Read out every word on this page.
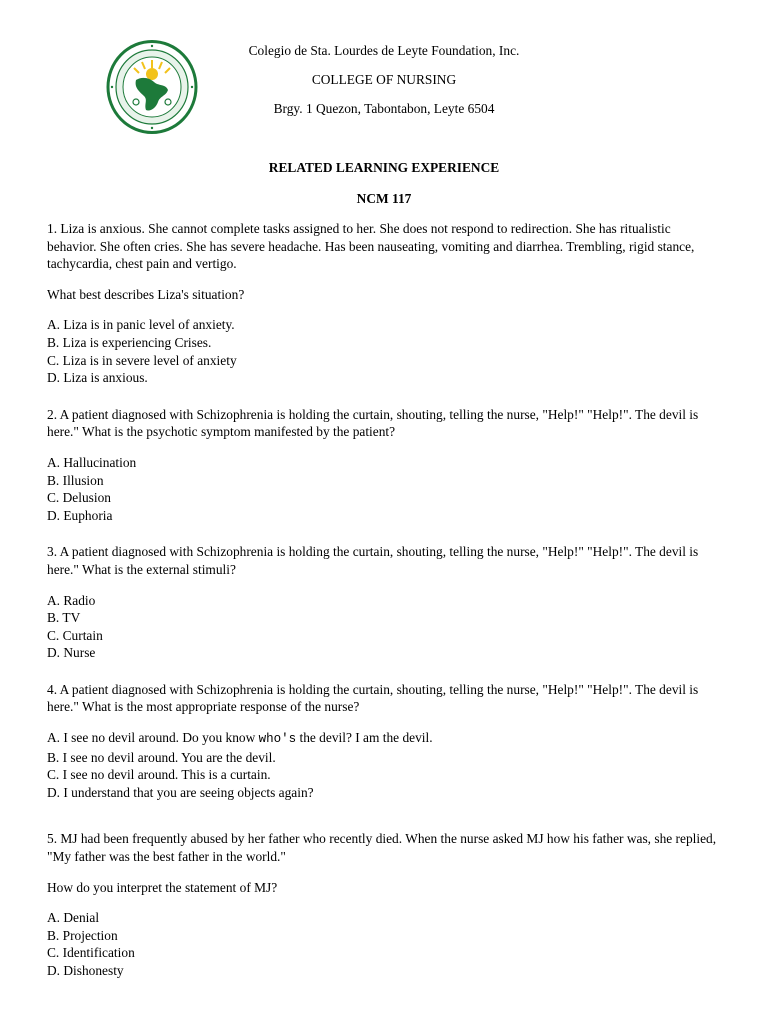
Colegio de Sta. Lourdes de Leyte Foundation, Inc.
COLLEGE OF NURSING
Brgy. 1 Quezon, Tabontabon, Leyte 6504
RELATED LEARNING EXPERIENCE
NCM 117

1. Liza is anxious. She cannot complete tasks assigned to her. She does not respond to redirection. She has ritualistic behavior. She often cries. She has severe headache. Has been nauseating, vomiting and diarrhea. Trembling, rigid stance, tachycardia, chest pain and vertigo.

What best describes Liza's situation?

A. Liza is in panic level of anxiety.
B. Liza is experiencing Crises.
C. Liza is in severe level of anxiety
D. Liza is anxious.

2. A patient diagnosed with Schizophrenia is holding the curtain, shouting, telling the nurse, "Help!" "Help!". The devil is here." What is the psychotic symptom manifested by the patient?

A. Hallucination
B. Illusion
C. Delusion
D. Euphoria

3. A patient diagnosed with Schizophrenia is holding the curtain, shouting, telling the nurse, "Help!" "Help!". The devil is here." What is the external stimuli?

A. Radio
B. TV
C. Curtain
D. Nurse

4. A patient diagnosed with Schizophrenia is holding the curtain, shouting, telling the nurse, "Help!" "Help!". The devil is here." What is the most appropriate response of the nurse?

A. I see no devil around. Do you know who's the devil? I am the devil.
B. I see no devil around. You are the devil.
C. I see no devil around. This is a curtain.
D. I understand that you are seeing objects again?

5. MJ had been frequently abused by her father who recently died. When the nurse asked MJ how his father was, she replied, "My father was the best father in the world."

How do you interpret the statement of MJ?

A. Denial
B. Projection
C. Identification
D. Dishonesty
